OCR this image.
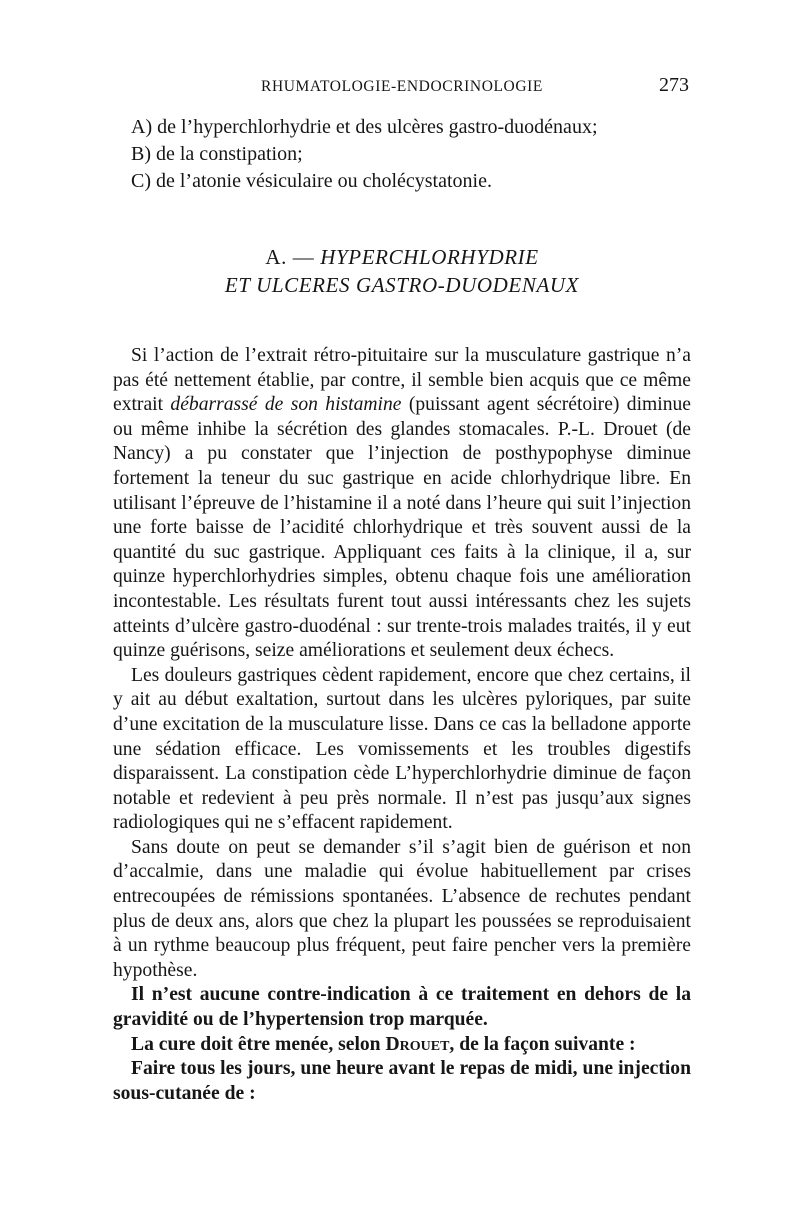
RHUMATOLOGIE-ENDOCRINOLOGIE	273
A) de l’hyperchlorhydrie et des ulcères gastro-duodénaux;
B) de la constipation;
C) de l’atonie vésiculaire ou cholécystatonie.
A. — HYPERCHLORHYDRIE
ET ULCERES GASTRO-DUODENAUX

Si l’action de l’extrait rétro-pituitaire sur la musculature gastrique n’a pas été nettement établie, par contre, il semble bien acquis que ce même extrait débarrassé de son histamine (puissant agent sécrétoire) diminue ou même inhibe la sécrétion des glandes stomacales. P.-L. Drouet (de Nancy) a pu constater que l’injection de posthypophyse diminue fortement la teneur du suc gastrique en acide chlorhydrique libre. En utilisant l’épreuve de l’histamine il a noté dans l’heure qui suit l’injection une forte baisse de l’acidité chlorhydrique et très souvent aussi de la quantité du suc gastrique. Appliquant ces faits à la clinique, il a, sur quinze hyperchlorhydries simples, obtenu chaque fois une amélioration incontestable. Les résultats furent tout aussi intéressants chez les sujets atteints d’ulcère gastro-duodénal : sur trente-trois malades traités, il y eut quinze guérisons, seize améliorations et seulement deux échecs.

Les douleurs gastriques cèdent rapidement, encore que chez certains, il y ait au début exaltation, surtout dans les ulcères pyloriques, par suite d’une excitation de la musculature lisse. Dans ce cas la belladone apporte une sédation efficace. Les vomissements et les troubles digestifs disparaissent. La constipation cède L’hyperchlorhydrie diminue de façon notable et redevient à peu près normale. Il n’est pas jusqu’aux signes radiologiques qui ne s’effacent rapidement.

Sans doute on peut se demander s’il s’agit bien de guérison et non d’accalmie, dans une maladie qui évolue habituellement par crises entrecoupées de rémissions spontanées. L’absence de rechutes pendant plus de deux ans, alors que chez la plupart les poussées se reproduisaient à un rythme beaucoup plus fréquent, peut faire pencher vers la première hypothèse.

Il n’est aucune contre-indication à ce traitement en dehors de la gravidité ou de l’hypertension trop marquée.

La cure doit être menée, selon Drouet, de la façon suivante :

Faire tous les jours, une heure avant le repas de midi, une injection sous-cutanée de :
